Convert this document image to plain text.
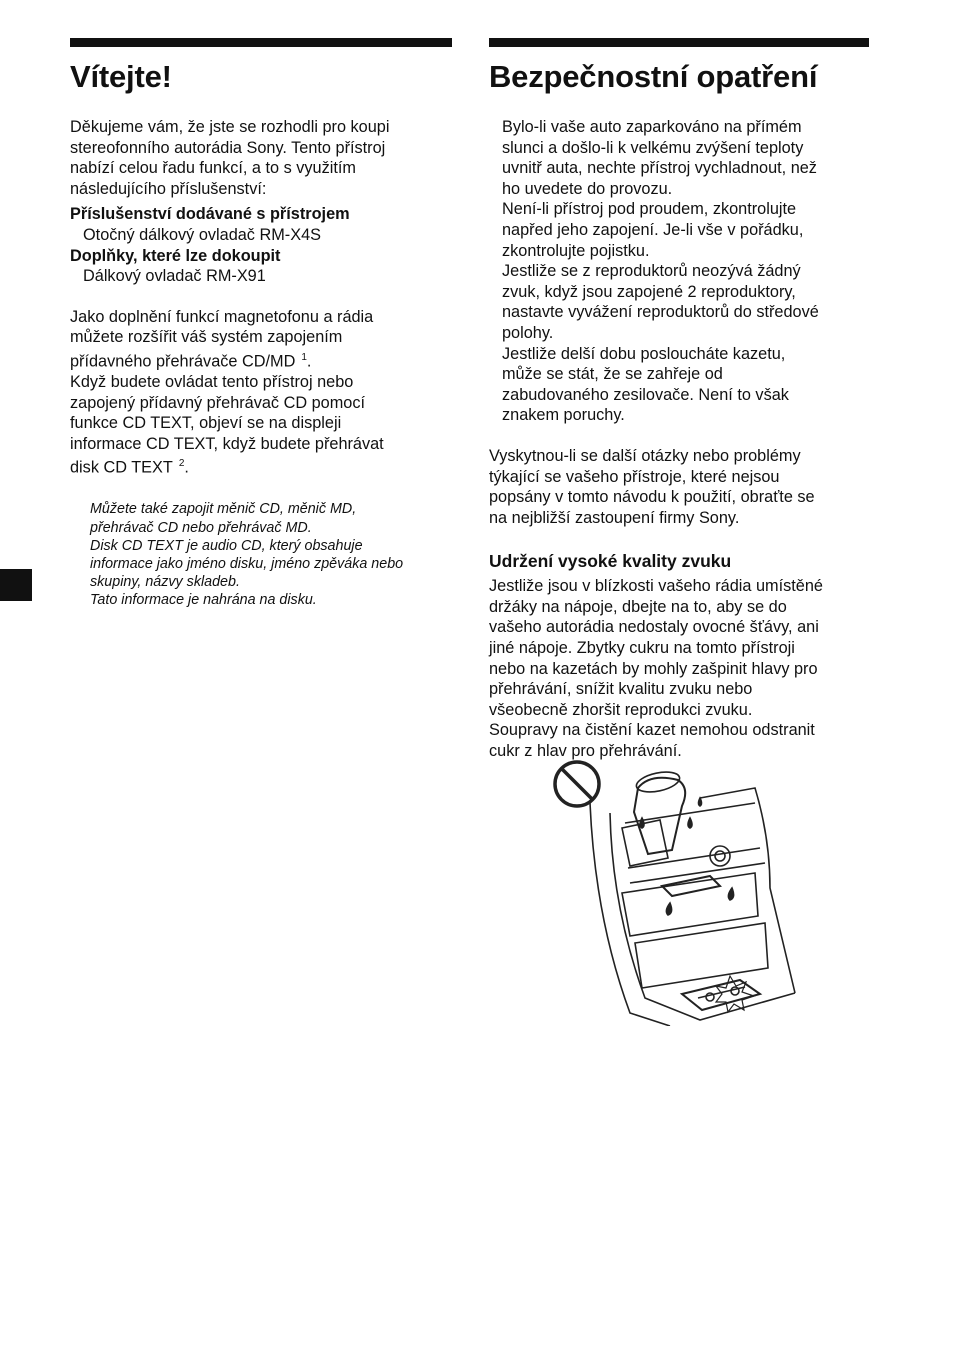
Vítejte!

Děkujeme vám, že jste se rozhodli pro koupi

stereofonního autorádia Sony. Tento přístroj

nabízí celou řadu funkcí, a to s využitím

následujícího příslušenství:

Příslušenství dodávané s přístrojem

Otočný dálkový ovladač RM-X4S

Doplňky, které lze dokoupit

Dálkový ovladač RM-X91

Jako doplnění funkcí magnetofonu a rádia

můžete rozšířit váš systém zapojením

přídavného přehrávače CD/MD $^1$.

Když budete ovládat tento přístroj nebo

zapojený přídavný přehrávač CD pomocí

funkce CD TEXT, objeví se na displeji

informace CD TEXT, když budete přehrávat

disk CD TEXT $^2$.

Můžete také zapojit měnič CD, měnič MD,

přehrávač CD nebo přehrávač MD.

Disk CD TEXT je audio CD, který obsahuje

informace jako jméno disku, jméno zpěváka nebo

skupiny, názvy skladeb.

Tato informace je nahrána na disku.

Bezpečnostní opatření

Bylo-li vaše auto zaparkováno na přímém

slunci a došlo-li k velkému zvýšení teploty

uvnitř auta, nechte přístroj vychladnout, než

ho uvedete do provozu.

Není-li přístroj pod proudem, zkontrolujte

napřed jeho zapojení. Je-li vše v pořádku,

zkontrolujte pojistku.

Jestliže se z reproduktorů neozývá žádný

zvuk, když jsou zapojené 2 reproduktory,

nastavte vyvážení reproduktorů do středové

polohy.

Jestliže delší dobu posloucháte kazetu,

může se stát, že se zahřeje od

zabudovaného zesilovače. Není to však

znakem poruchy.

Vyskytnou-li se další otázky nebo problémy

týkající se vašeho přístroje, které nejsou

popsány v tomto návodu k použití, obraťte se

na nejbližší zastoupení firmy Sony.

Udržení vysoké kvality zvuku

Jestliže jsou v blízkosti vašeho rádia umístěné

držáky na nápoje, dbejte na to, aby se do

vašeho autorádia nedostaly ovocné šťávy, ani

jiné nápoje. Zbytky cukru na tomto přístroji

nebo na kazetách by mohly zašpinit hlavy pro

přehrávání, snížit kvalitu zvuku nebo

všeobecně zhoršit reprodukci zvuku.

Soupravy na čistění kazet nemohou odstranit

cukr z hlav pro přehrávání.
